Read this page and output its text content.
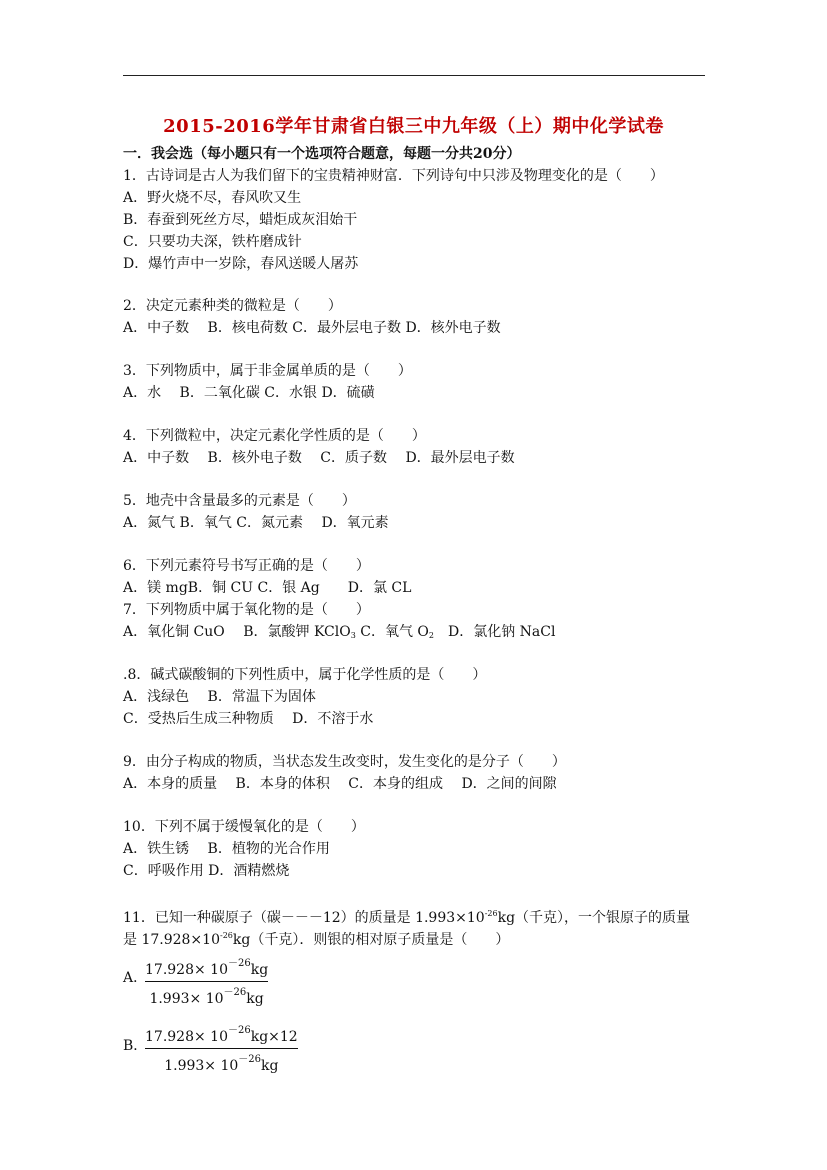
2015-2016学年甘肃省白银三中九年级（上）期中化学试卷
一．我会选（每小题只有一个选项符合题意，每题一分共20分）
1．古诗词是古人为我们留下的宝贵精神财富．下列诗句中只涉及物理变化的是（　　）
A．野火烧不尽，春风吹又生
B．春蚕到死丝方尽，蜡炬成灰泪始干
C．只要功夫深，铁杵磨成针
D．爆竹声中一岁除，春风送暖人屠苏
2．决定元素种类的微粒是（　　）
A．中子数　 B．核电荷数 C．最外层电子数 D．核外电子数
3．下列物质中，属于非金属单质的是（　　）
A．水　 B．二氧化碳 C．水银 D．硫磺
4．下列微粒中，决定元素化学性质的是（　　）
A．中子数　 B．核外电子数　 C．质子数　 D．最外层电子数
5．地壳中含量最多的元素是（　　）
A．氮气 B．氧气 C．氮元素　 D．氧元素
6．下列元素符号书写正确的是（　　）
A．镁 mgB．铜 CU C．银 Ag　　D．氯 CL
7．下列物质中属于氧化物的是（　　）
A．氧化铜 CuO　 B．氯酸钾 KClO$_3$ C．氧气 $O_2$　D．氯化钠 NaCl
.8．碱式碳酸铜的下列性质中，属于化学性质的是（　　）
A．浅绿色　 B．常温下为固体
C．受热后生成三种物质　 D．不溶于水
9．由分子构成的物质，当状态发生改变时，发生变化的是分子（　　）
A．本身的质量　 B．本身的体积　 C．本身的组成　 D．之间的间隙
10．下列不属于缓慢氧化的是（　　）
A．铁生锈　 B．植物的光合作用
C．呼吸作用 D．酒精燃烧
11．已知一种碳原子（碳－－－12）的质量是 $1.993\times 10^{-26}kg$（千克），一个银原子的质量
是 $17.928\times 10^{-26}kg$（千克）．则银的相对原子质量是（　　）
A．
$17.928\times 10^{-26}kg$
$1.993\times 10^{-26}kg$
B．
$17.928\times 10^{-26}kg\times 12$
$1.993\times 10^{-26}kg$
